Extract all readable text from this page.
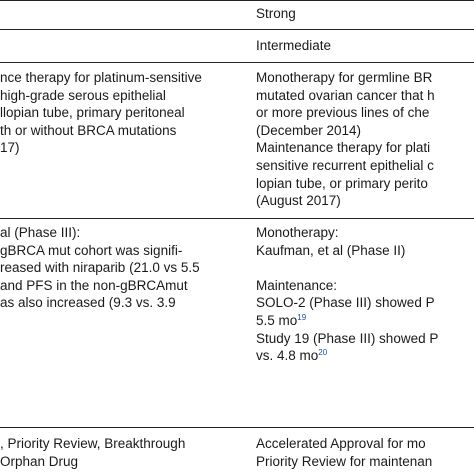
Strong
Intermediate
nce therapy for platinum-sensitive
high-grade serous epithelial
llopian tube, primary peritoneal
th or without BRCA mutations
17)
Monotherapy for germline BR
mutated ovarian cancer that h
or more previous lines of che
(December 2014)
Maintenance therapy for plati
sensitive recurrent epithelial c
lopian tube, or primary perito
(August 2017)
al (Phase III):
gBRCA mut cohort was signifi-
reased with niraparib (21.0 vs 5.5
and PFS in the non-gBRCAmut
as also increased (9.3 vs. 3.9
Monotherapy:
Kaufman, et al (Phase II)
Maintenance:
SOLO-2 (Phase III) showed P
5.5 $mo^{19}$
Study 19 (Phase III) showed P
vs. 4.8 $mo^{20}$
, Priority Review, Breakthrough
Orphan Drug
Accelerated Approval for mo
Priority Review for maintenan
